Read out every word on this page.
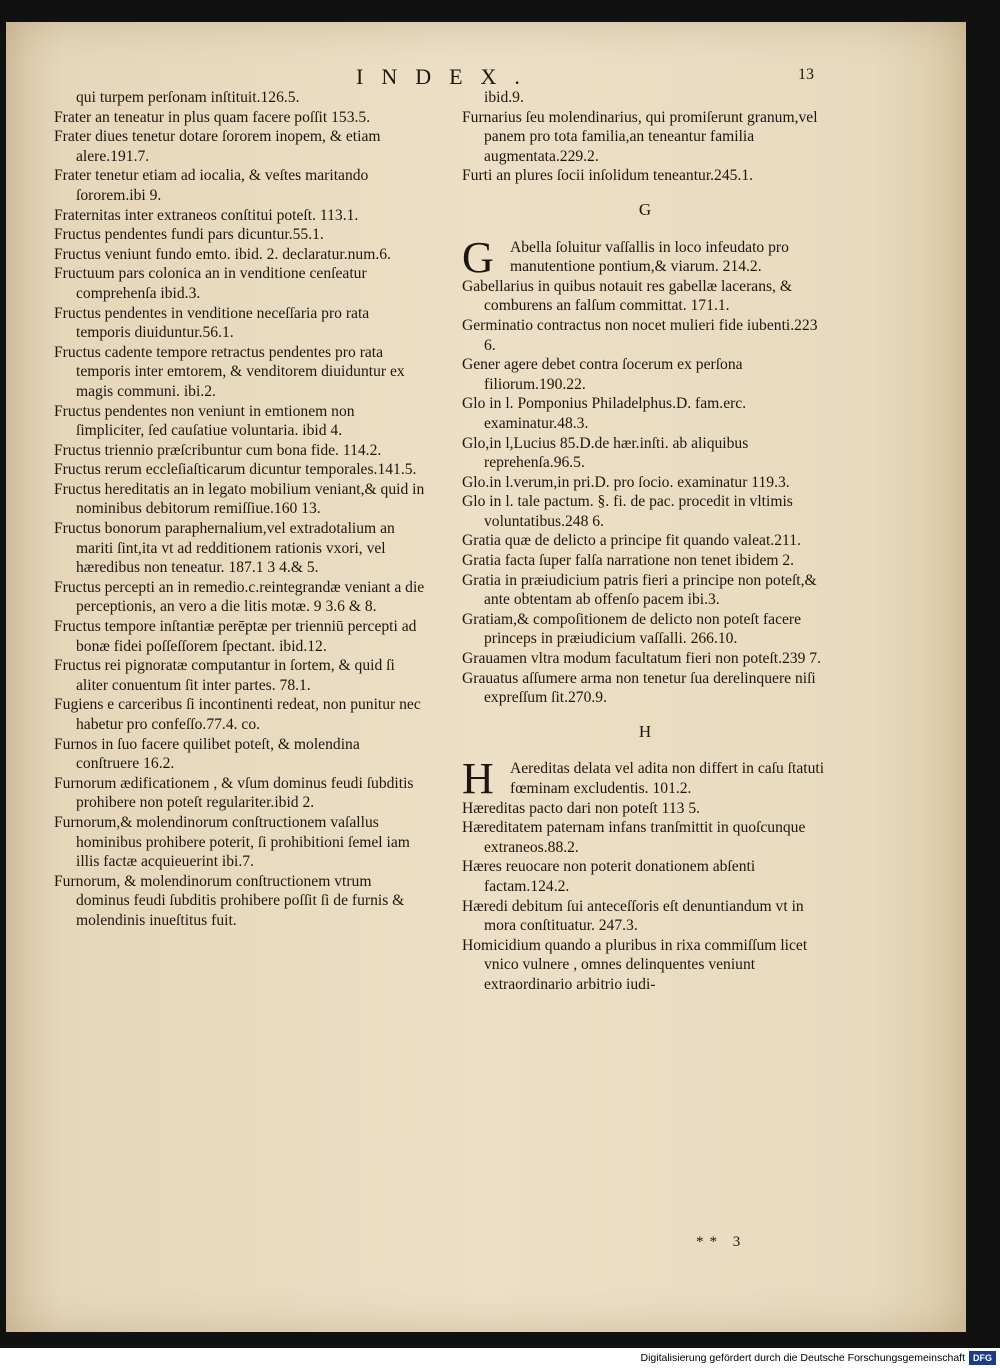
INDEX.	13

qui turpem perſonam inſtituit.126.5.

Frater an teneatur in plus quam facere poſſit 153.5.

Frater diues tenetur dotare ſororem inopem, & etiam alere.191.7.

Frater tenetur etiam ad iocalia, & veſtes maritando ſororem.ibi 9.

Fraternitas inter extraneos conſtitui poteſt. 113.1.

Fructus pendentes fundi pars dicuntur.55.1.

Fructus veniunt fundo emto. ibid. 2. declaratur.num.6.

Fructuum pars colonica an in venditione cenſeatur comprehenſa ibid.3.

Fructus pendentes in venditione neceſſaria pro rata temporis diuiduntur.56.1.

Fructus cadente tempore retractus pendentes pro rata temporis inter emtorem, & venditorem diuiduntur ex magis communi. ibi.2.

Fructus pendentes non veniunt in emtionem non ſimpliciter, ſed cauſatiue voluntaria. ibid 4.

Fructus triennio præſcribuntur cum bona fide. 114.2.

Fructus rerum eccleſiaſticarum dicuntur temporales.141.5.

Fructus hereditatis an in legato mobilium veniant,& quid in nominibus debitorum remiſſiue.160 13.

Fructus bonorum paraphernalium,vel extradotalium an mariti ſint,ita vt ad redditionem rationis vxori, vel hæredibus non teneatur. 187.1 3 4.& 5.

Fructus percepti an in remedio.c.reintegrandæ veniant a die perceptionis, an vero a die litis motæ. 9 3.6 & 8.

Fructus tempore inſtantiæ perēptæ per trienniū percepti ad bonæ fidei poſſeſſorem ſpectant. ibid.12.

Fructus rei pignoratæ computantur in ſortem, & quid ſi aliter conuentum ſit inter partes. 78.1.

Fugiens e carceribus ſi incontinenti redeat, non punitur nec habetur pro confeſſo.77.4. co.

Furnos in ſuo facere quilibet poteſt, & molendina conſtruere 16.2.

Furnorum ædificationem , & vſum dominus feudi ſubditis prohibere non poteſt regulariter.ibid 2.

Furnorum,& molendinorum conſtructionem vaſallus hominibus prohibere poterit, ſi prohibitioni ſemel iam illis factæ acquieuerint ibi.7.

Furnorum, & molendinorum conſtructionem vtrum dominus feudi ſubditis prohibere poſſit ſi de furnis & molendinis inueſtitus fuit.

ibid.9.

Furnarius ſeu molendinarius, qui promiſerunt granum,vel panem pro tota familia,an teneantur familia augmentata.229.2.

Furti an plures ſocii inſolidum teneantur.245.1.

G

G Abella ſoluitur vaſſallis in loco infeudato pro manutentione pontium,& viarum. 214.2.

Gabellarius in quibus notauit res gabellæ lacerans, & comburens an falſum committat. 171.1.

Germinatio contractus non nocet mulieri fide iubenti.223 6.

Gener agere debet contra ſocerum ex perſona filiorum.190.22.

Glo in l. Pomponius Philadelphus.D. fam.erc. examinatur.48.3.

Glo,in l,Lucius 85.D.de hær.inſti. ab aliquibus reprehenſa.96.5.

Glo.in l.verum,in pri.D. pro ſocio. examinatur 119.3.

Glo in l. tale pactum. §. fi. de pac. procedit in vltimis voluntatibus.248 6.

Gratia quæ de delicto a principe fit quando valeat.211.

Gratia facta ſuper falſa narratione non tenet ibidem 2.

Gratia in præiudicium patris fieri a principe non poteſt,& ante obtentam ab offenſo pacem ibi.3.

Gratiam,& compoſitionem de delicto non poteſt facere princeps in præiudicium vaſſalli. 266.10.

Grauamen vltra modum facultatum fieri non poteſt.239 7.

Grauatus aſſumere arma non tenetur ſua derelinquere niſi expreſſum ſit.270.9.

H

H Aereditas delata vel adita non differt in caſu ſtatuti fœminam excludentis. 101.2.

Hæreditas pacto dari non poteſt 113 5.

Hæreditatem paternam infans tranſmittit in quoſcunque extraneos.88.2.

Hæres reuocare non poterit donationem abſenti factam.124.2.

Hæredi debitum ſui anteceſſoris eſt denuntiandum vt in mora conſtituatur. 247.3.

Homicidium quando a pluribus in rixa commiſſum licet vnico vulnere , omnes delinquentes veniunt extraordinario arbitrio iudi-

** 3
Digitalisierung gefördert durch die Deutsche Forschungsgemeinschaft DFG
